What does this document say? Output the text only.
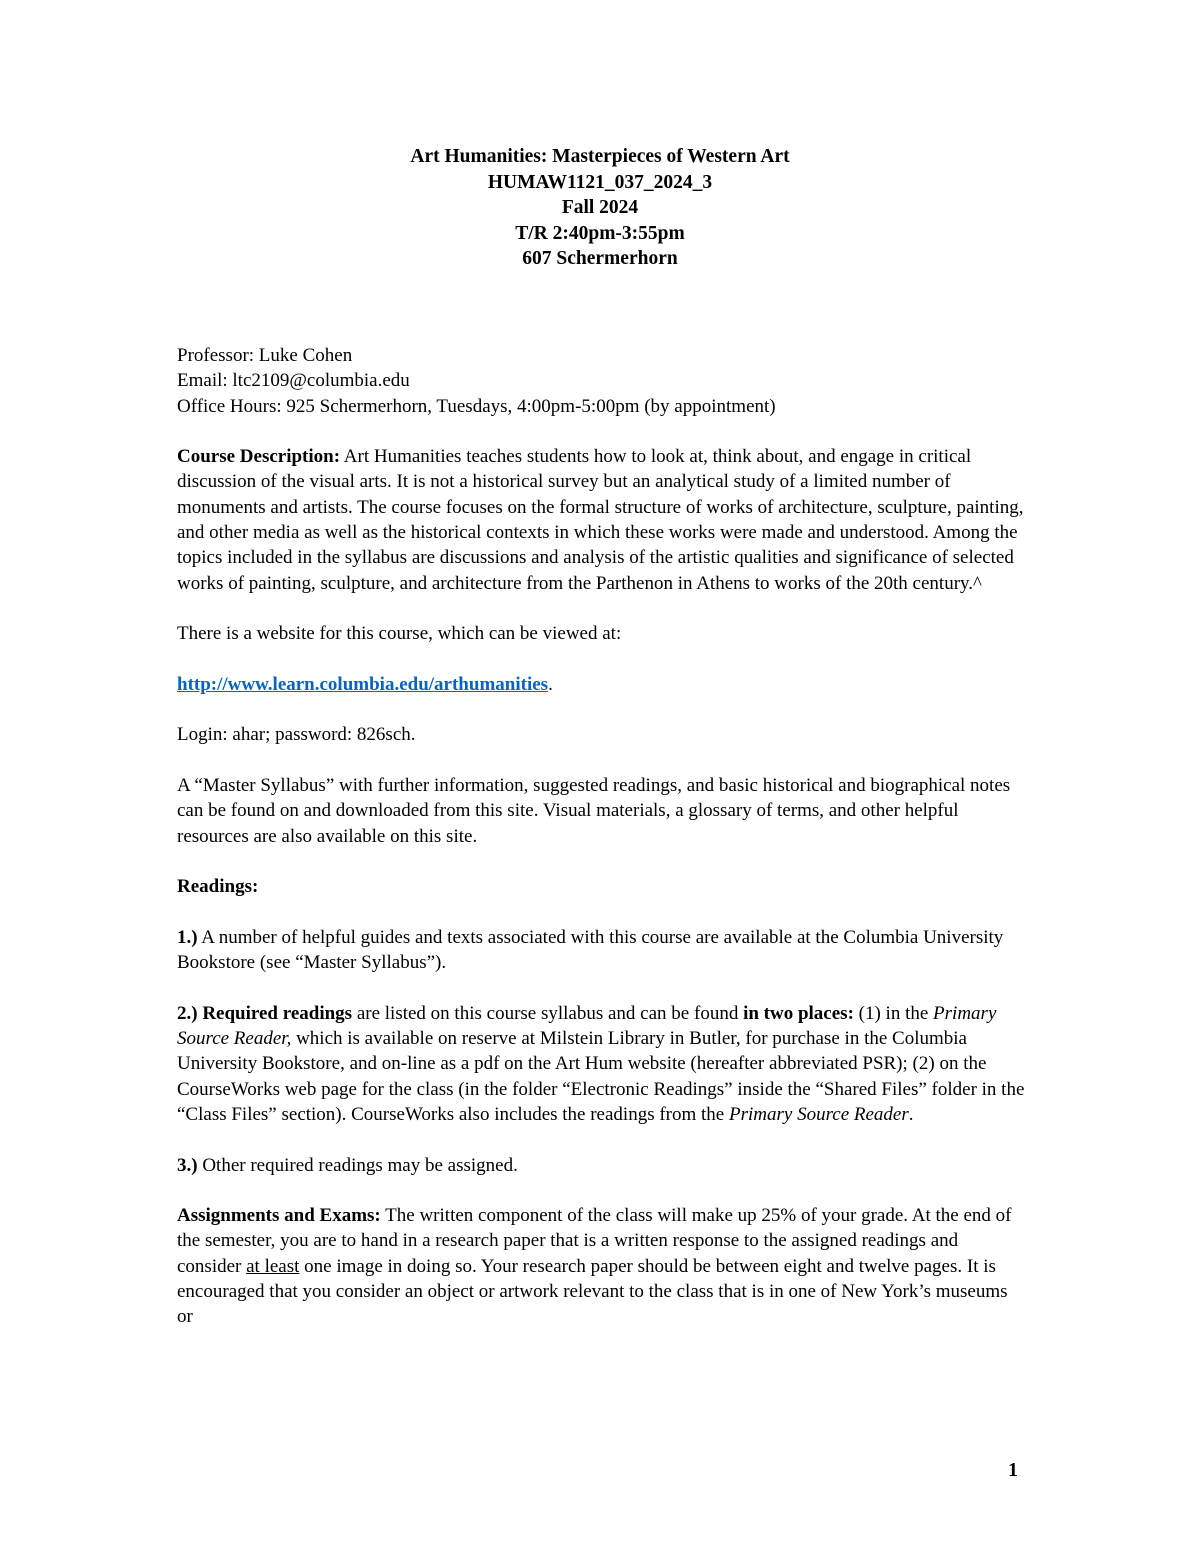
Art Humanities: Masterpieces of Western Art
HUMAW1121_037_2024_3
Fall 2024
T/R 2:40pm-3:55pm
607 Schermerhorn

Professor: Luke Cohen
Email: ltc2109@columbia.edu
Office Hours: 925 Schermerhorn, Tuesdays, 4:00pm-5:00pm (by appointment)

Course Description: Art Humanities teaches students how to look at, think about, and engage in critical discussion of the visual arts. It is not a historical survey but an analytical study of a limited number of monuments and artists. The course focuses on the formal structure of works of architecture, sculpture, painting, and other media as well as the historical contexts in which these works were made and understood. Among the topics included in the syllabus are discussions and analysis of the artistic qualities and significance of selected works of painting, sculpture, and architecture from the Parthenon in Athens to works of the 20th century.^

There is a website for this course, which can be viewed at:

http://www.learn.columbia.edu/arthumanities.

Login: ahar; password: 826sch.

A “Master Syllabus” with further information, suggested readings, and basic historical and biographical notes can be found on and downloaded from this site. Visual materials, a glossary of terms, and other helpful resources are also available on this site.

Readings:

1.) A number of helpful guides and texts associated with this course are available at the Columbia University Bookstore (see “Master Syllabus”).

2.) Required readings are listed on this course syllabus and can be found in two places: (1) in the Primary Source Reader, which is available on reserve at Milstein Library in Butler, for purchase in the Columbia University Bookstore, and on-line as a pdf on the Art Hum website (hereafter abbreviated PSR); (2) on the CourseWorks web page for the class (in the folder “Electronic Readings” inside the “Shared Files” folder in the “Class Files” section). CourseWorks also includes the readings from the Primary Source Reader.

3.) Other required readings may be assigned.

Assignments and Exams: The written component of the class will make up 25% of your grade. At the end of the semester, you are to hand in a research paper that is a written response to the assigned readings and consider at least one image in doing so. Your research paper should be between eight and twelve pages. It is encouraged that you consider an object or artwork relevant to the class that is in one of New York’s museums or

1
